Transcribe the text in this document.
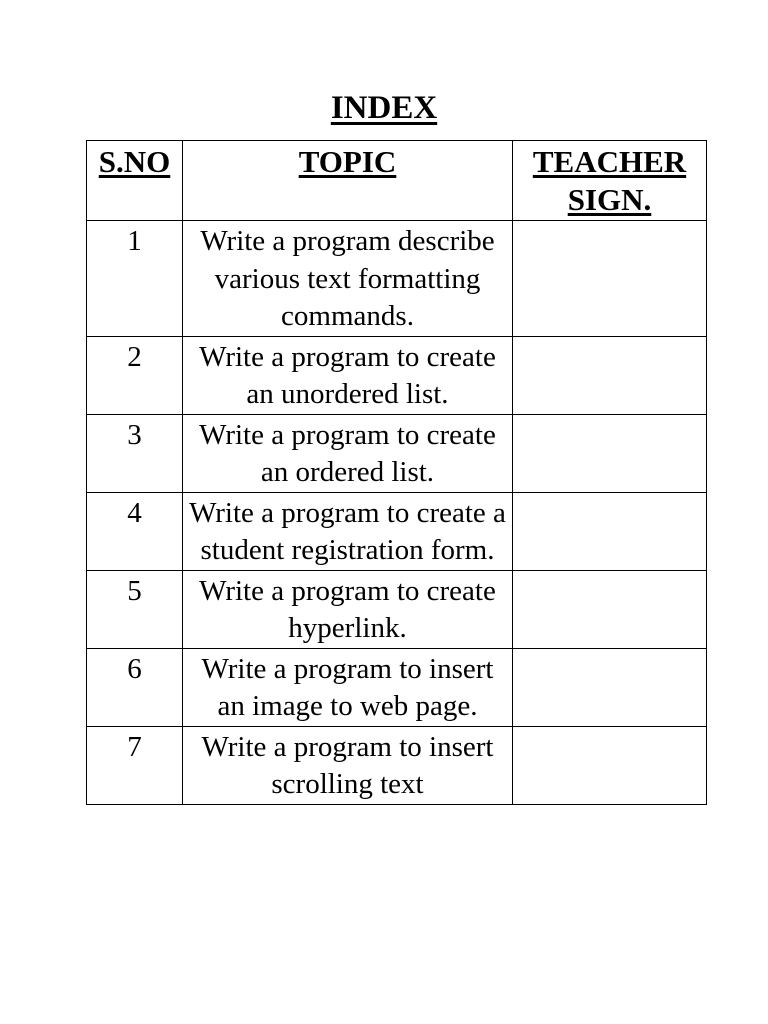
INDEX
S.NO	TOPIC	TEACHER SIGN.
1	Write a program describe various text formatting commands.	
2	Write a program to create an unordered list.	
3	Write a program to create an ordered list.	
4	Write a program to create a student registration form.	
5	Write a program to create hyperlink.	
6	Write a program to insert an image to web page.	
7	Write a program to insert scrolling text	
